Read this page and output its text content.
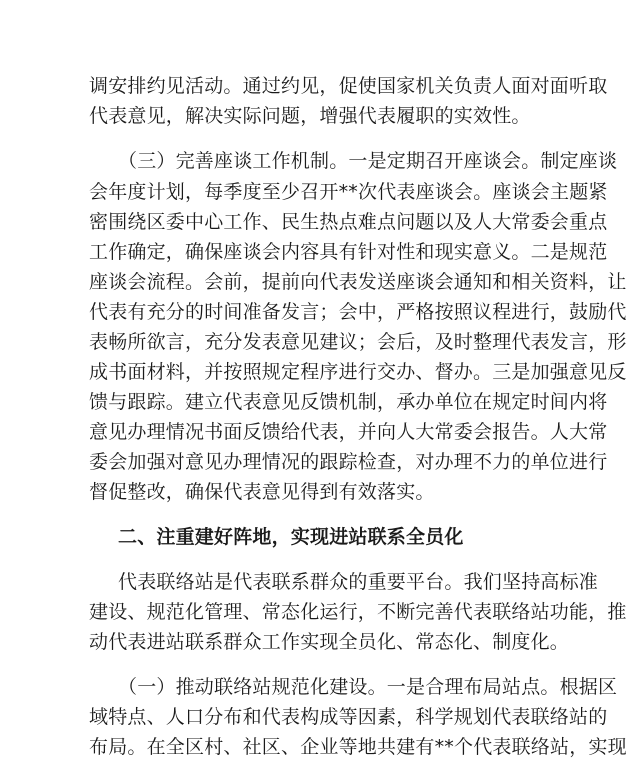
调安排约见活动。通过约见，促使国家机关负责人面对面听取
代表意见，解决实际问题，增强代表履职的实效性。
（三）完善座谈工作机制。一是定期召开座谈会。制定座谈
会年度计划，每季度至少召开**次代表座谈会。座谈会主题紧
密围绕区委中心工作、民生热点难点问题以及人大常委会重点
工作确定，确保座谈会内容具有针对性和现实意义。二是规范
座谈会流程。会前，提前向代表发送座谈会通知和相关资料，让
代表有充分的时间准备发言；会中，严格按照议程进行，鼓励代
表畅所欲言，充分发表意见建议；会后，及时整理代表发言，形
成书面材料，并按照规定程序进行交办、督办。三是加强意见反
馈与跟踪。建立代表意见反馈机制，承办单位在规定时间内将
意见办理情况书面反馈给代表，并向人大常委会报告。人大常
委会加强对意见办理情况的跟踪检查，对办理不力的单位进行
督促整改，确保代表意见得到有效落实。
二、注重建好阵地，实现进站联系全员化
代表联络站是代表联系群众的重要平台。我们坚持高标准
建设、规范化管理、常态化运行，不断完善代表联络站功能，推
动代表进站联系群众工作实现全员化、常态化、制度化。
（一）推动联络站规范化建设。一是合理布局站点。根据区
域特点、人口分布和代表构成等因素，科学规划代表联络站的
布局。在全区村、社区、企业等地共建有**个代表联络站，实现
